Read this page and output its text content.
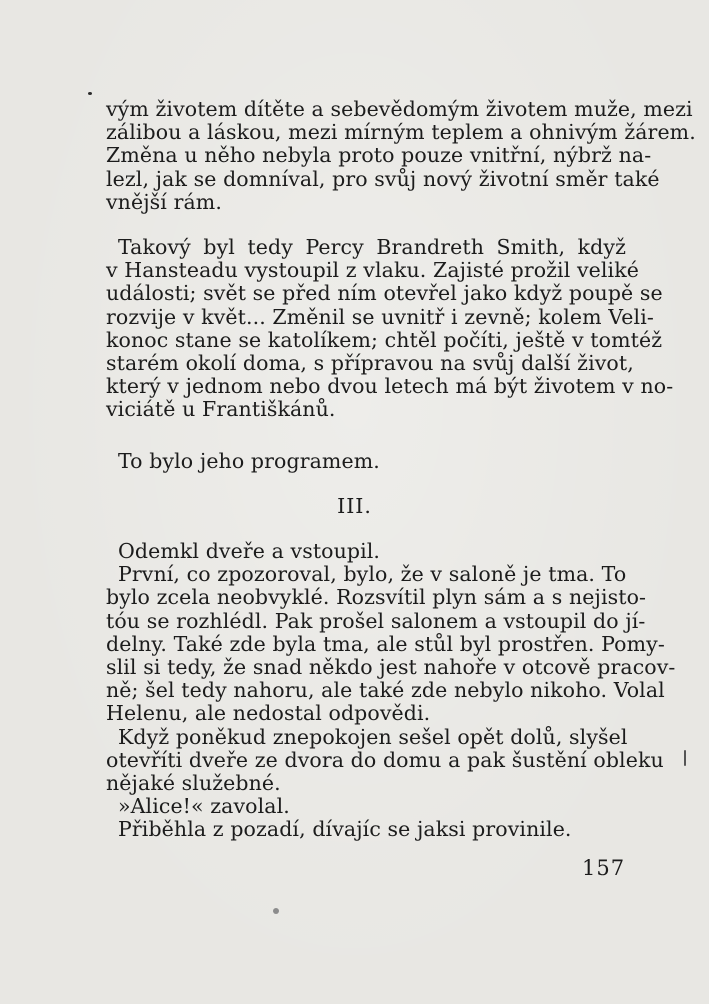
vým životem dítěte a sebevědomým životem muže, mezi
zálibou a láskou, mezi mírným teplem a ohnivým žárem.
Změna u něho nebyla proto pouze vnitřní, nýbrž na-
lezl, jak se domníval, pro svůj nový životní směr také
vnější rám.
Takový byl tedy Percy Brandreth Smith, když
v Hansteadu vystoupil z vlaku. Zajisté prožil veliké
události; svět se před ním otevřel jako když poupě se
rozvije v květ... Změnil se uvnitř i zevně; kolem Veli-
konoc stane se katolíkem; chtěl počíti, ještě v tomtéž
starém okolí doma, s přípravou na svůj další život,
který v jednom nebo dvou letech má být životem v no-
viciátě u Františkánů.
To bylo jeho programem.
III.
Odemkl dveře a vstoupil.
První, co zpozoroval, bylo, že v saloně je tma. To
bylo zcela neobvyklé. Rozsvítil plyn sám a s nejisto-
tóu se rozhlédl. Pak prošel salonem a vstoupil do jí-
delny. Také zde byla tma, ale stůl byl prostřen. Pomy-
slil si tedy, že snad někdo jest nahoře v otcově pracov-
ně; šel tedy nahoru, ale také zde nebylo nikoho. Volal
Helenu, ale nedostal odpovědi.
Když poněkud znepokojen sešel opět dolů, slyšel
otevříti dveře ze dvora do domu a pak šustění obleku
nějaké služebné.
»Alice!« zavolal.
Přiběhla z pozadí, dívajíc se jaksi provinile.
157
